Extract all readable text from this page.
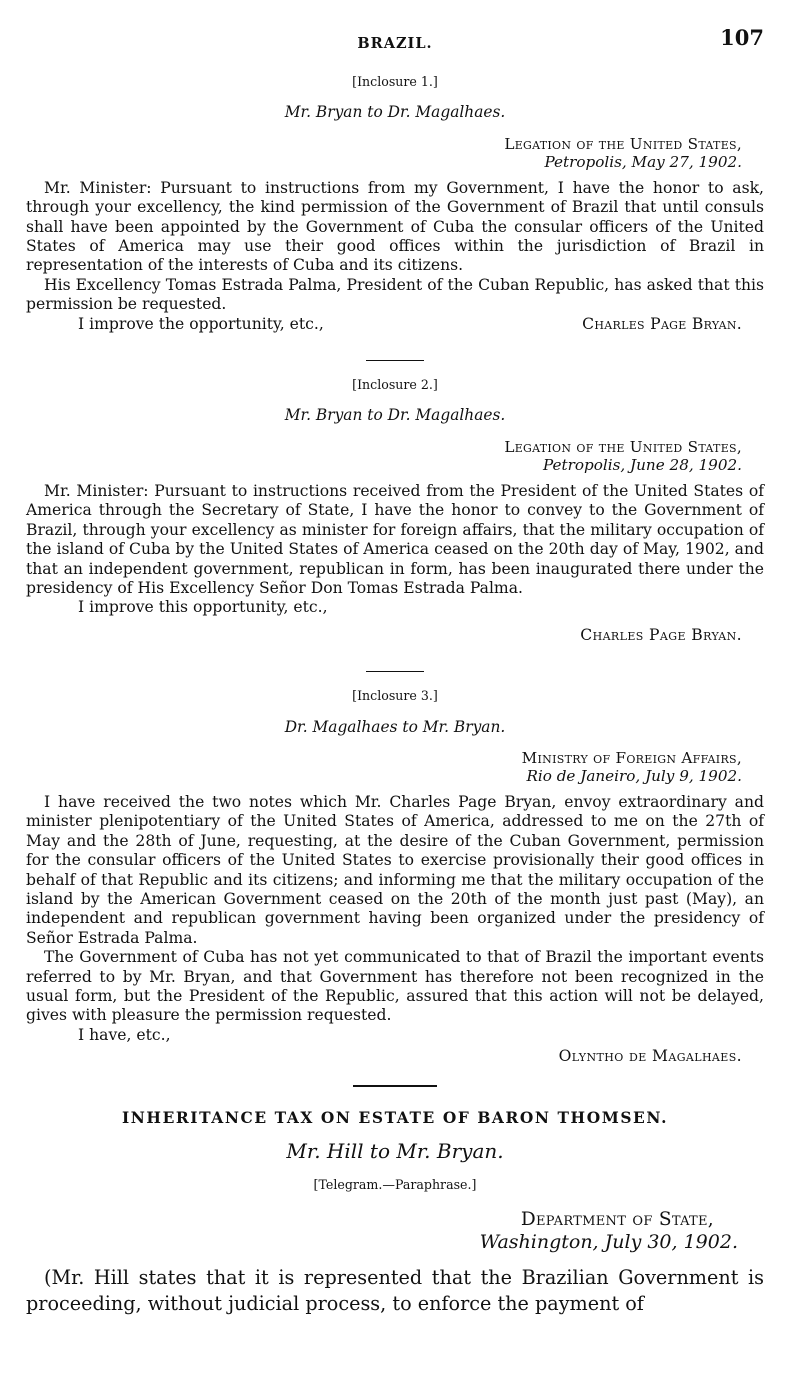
BRAZIL.	107
[Inclosure 1.]
Mr. Bryan to Dr. Magalhaes.
Legation of the United States,
Petropolis, May 27, 1902.

Mr. Minister: Pursuant to instructions from my Government, I have the honor to ask, through your excellency, the kind permission of the Government of Brazil that until consuls shall have been appointed by the Government of Cuba the consular officers of the United States of America may use their good offices within the jurisdiction of Brazil in representation of the interests of Cuba and its citizens.

His Excellency Tomas Estrada Palma, President of the Cuban Republic, has asked that this permission be requested.

I improve the opportunity, etc.,	Charles Page Bryan.
[Inclosure 2.]
Mr. Bryan to Dr. Magalhaes.
Legation of the United States,
Petropolis, June 28, 1902.

Mr. Minister: Pursuant to instructions received from the President of the United States of America through the Secretary of State, I have the honor to convey to the Government of Brazil, through your excellency as minister for foreign affairs, that the military occupation of the island of Cuba by the United States of America ceased on the 20th day of May, 1902, and that an independent government, republican in form, has been inaugurated there under the presidency of His Excellency Señor Don Tomas Estrada Palma.

I improve this opportunity, etc.,
Charles Page Bryan.
[Inclosure 3.]
Dr. Magalhaes to Mr. Bryan.
Ministry of Foreign Affairs,
Rio de Janeiro, July 9, 1902.

I have received the two notes which Mr. Charles Page Bryan, envoy extraordinary and minister plenipotentiary of the United States of America, addressed to me on the 27th of May and the 28th of June, requesting, at the desire of the Cuban Government, permission for the consular officers of the United States to exercise provisionally their good offices in behalf of that Republic and its citizens; and informing me that the military occupation of the island by the American Government ceased on the 20th of the month just past (May), an independent and republican government having been organized under the presidency of Señor Estrada Palma.

The Government of Cuba has not yet communicated to that of Brazil the important events referred to by Mr. Bryan, and that Government has therefore not been recognized in the usual form, but the President of the Republic, assured that this action will not be delayed, gives with pleasure the permission requested.

I have, etc.,
Olyntho de Magalhaes.
INHERITANCE TAX ON ESTATE OF BARON THOMSEN.
Mr. Hill to Mr. Bryan.
[Telegram.—Paraphrase.]
Department of State,
Washington, July 30, 1902.

(Mr. Hill states that it is represented that the Brazilian Government is proceeding, without judicial process, to enforce the payment of
